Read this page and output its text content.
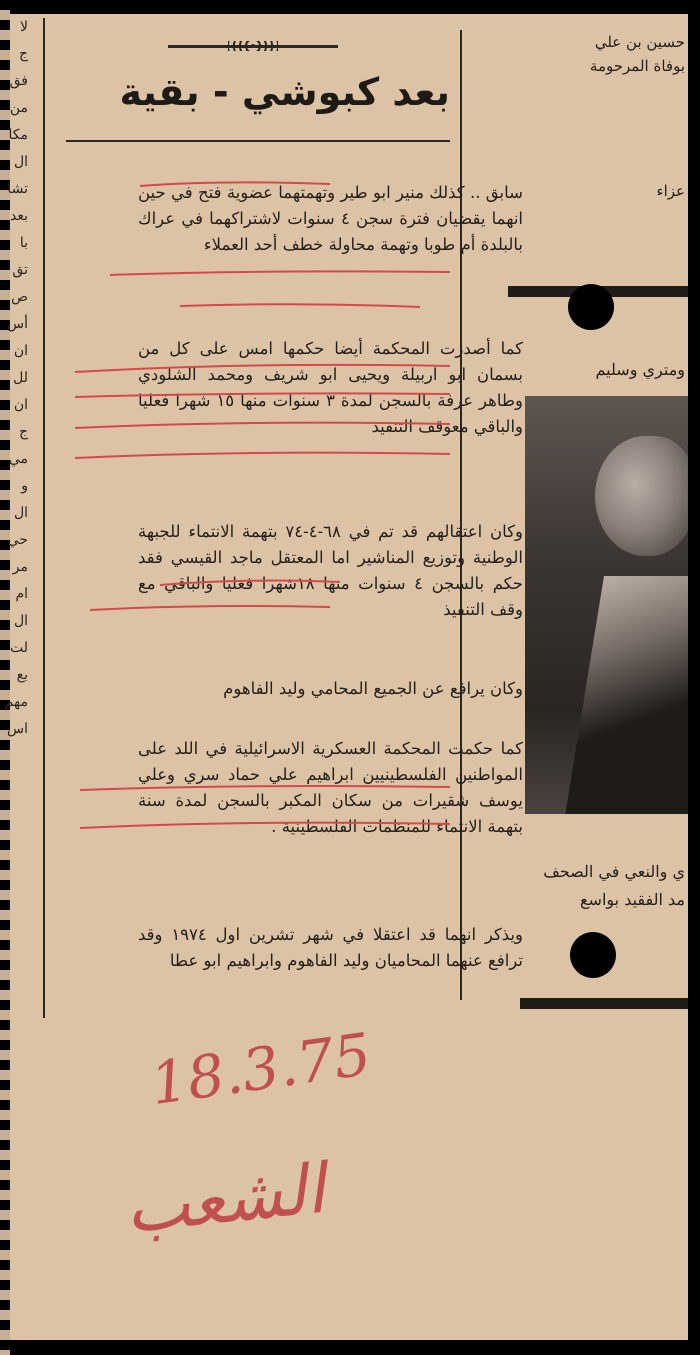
لا
ج
فق
من
مكا
ال
تشا
بعد
با
تق
ص
أس
ان
لل
ان
ج
مي
و
ال
حي
مر
ام
ال
لت
بع
مهم
اس
بعد كبوشي - بقية

سابق .. كذلك منير ابو طير وتهمتهما عضوية فتح في حين انهما يقضيان فترة سجن ٤ سنوات لاشتراكهما في عراك بالبلدة أم طوبا وتهمة محاولة خطف أحد العملاء

كما أصدرت المحكمة أيضا حكمها امس على كل من بسمان ابو اربيلة ويحيى ابو شريف ومحمد الشلودي وطاهر عرفة بالسجن لمدة ٣ سنوات منها ١٥ شهرا فعليا والباقي معوقف التنفيذ

وكان اعتقالهم قد تم في ٦٨-٤-٧٤ بتهمة الانتماء للجبهة الوطنية وتوزيع المناشير اما المعتقل ماجد القيسي فقد حكم بالسجن ٤ سنوات منها ١٨شهرا فعليا والباقي مع وقف التنفيذ

وكان يرافع عن الجميع المحامي وليد الفاهوم

كما حكمت المحكمة العسكرية الاسرائيلية في اللد على المواطنين الفلسطينيين ابراهيم علي حماد سري وعلي يوسف شقيرات من سكان المكبر بالسجن لمدة سنة بتهمة الانتماء للمنظمات الفلسطينية .

ويذكر انهما قد اعتقلا في شهر تشرين اول ١٩٧٤ وقد ترافع عنهما المحاميان وليد الفاهوم وابراهيم ابو عطا

حسين بن علي
بوفاة المرحومة
عزاء
ومتري وسليم
ي والنعي في الصحف
مد الفقيد بواسع
18.3.75
الشعب
